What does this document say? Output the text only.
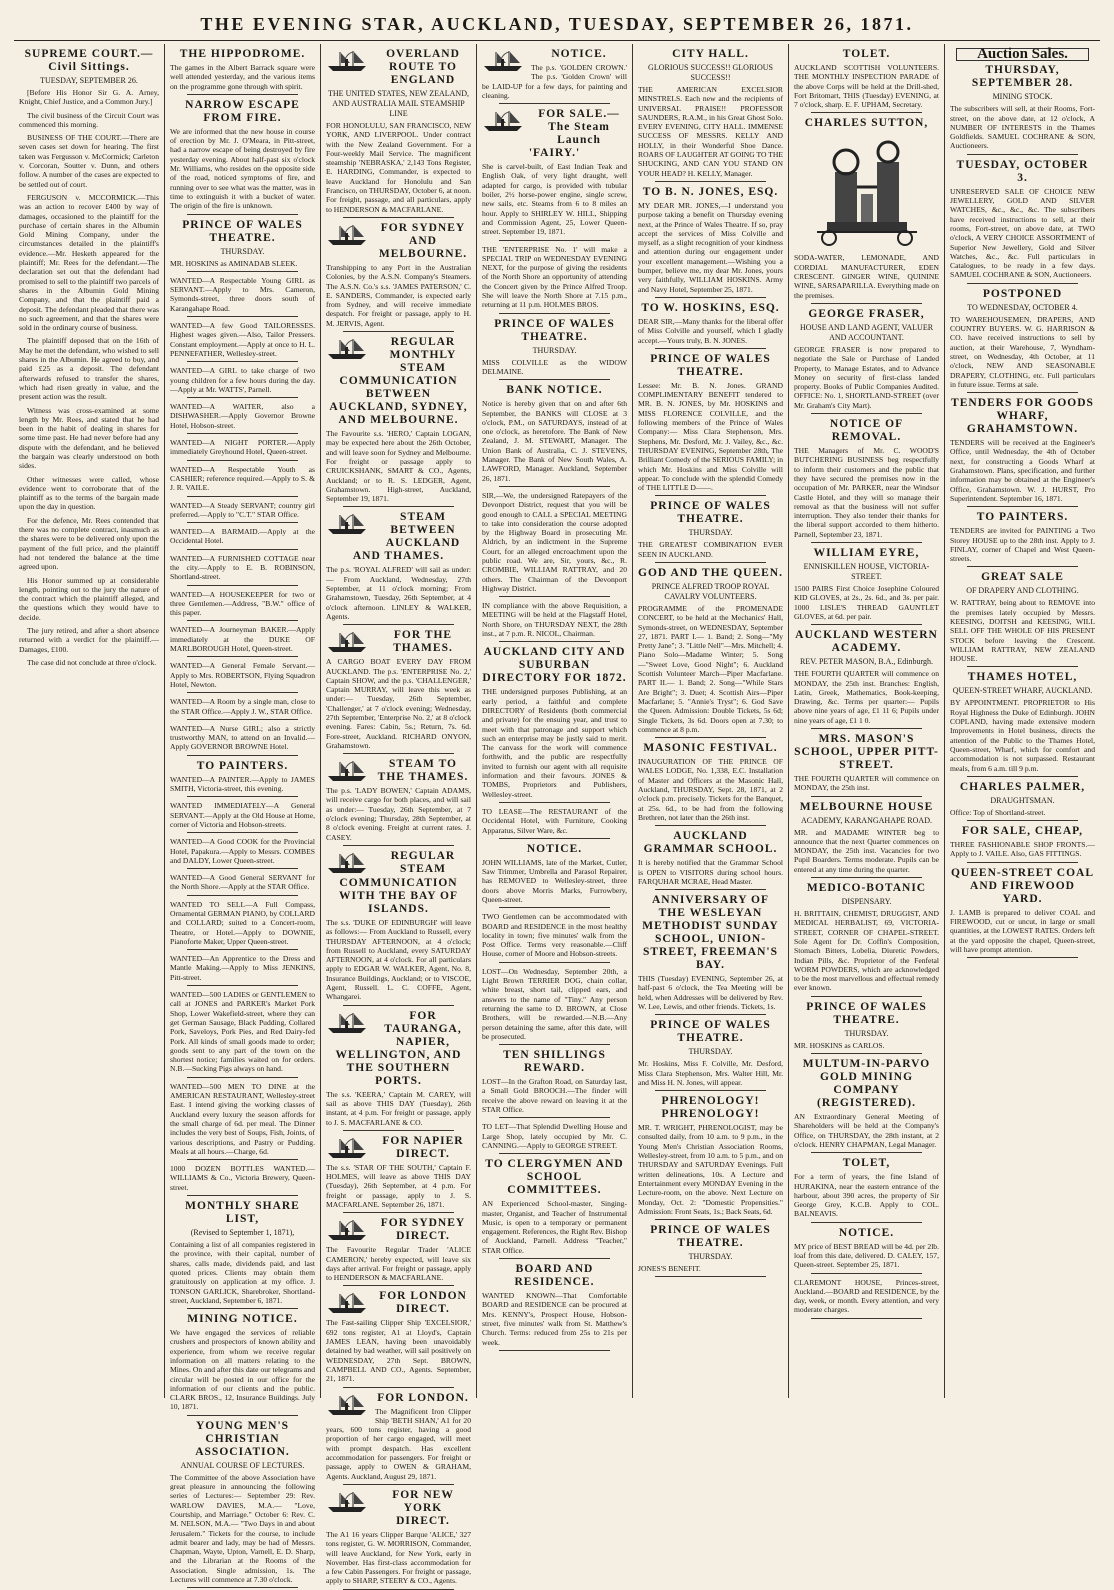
THE EVENING STAR, AUCKLAND, TUESDAY, SEPTEMBER 26, 1871.
SUPREME COURT.—Civil Sittings.
TUESDAY, SEPTEMBER 26.

[Before His Honor Sir G. A. Arney, Knight, Chief Justice, and a Common Jury.]

The civil business of the Circuit Court was commenced this morning.

BUSINESS OF THE COURT.—There are seven cases set down for hearing. The first taken was Fergusson v. McCormick; Carleton v. Corcoran, Soutter v. Dunn, and others follow. A number of the cases are expected to be settled out of court.

FERGUSON v. MCCORMICK.—This was an action to recover £400 by way of damages, occasioned to the plaintiff for the purchase of certain shares in the Albumin Gold Mining Company, under the circumstances detailed in the plaintiff's evidence.—Mr. Hesketh appeared for the plaintiff; Mr. Rees for the defendant.—The declaration set out that the defendant had promised to sell to the plaintiff two parcels of shares in the Albumin Gold Mining Company, and that the plaintiff paid a deposit. The defendant pleaded that there was no such agreement, and that the shares were sold in the ordinary course of business.

The plaintiff deposed that on the 16th of May he met the defendant, who wished to sell shares in the Albumin. He agreed to buy, and paid £25 as a deposit. The defendant afterwards refused to transfer the shares, which had risen greatly in value, and the present action was the result.

Witness was cross-examined at some length by Mr. Rees, and stated that he had been in the habit of dealing in shares for some time past. He had never before had any dispute with the defendant, and he believed the bargain was clearly understood on both sides.

Other witnesses were called, whose evidence went to corroborate that of the plaintiff as to the terms of the bargain made upon the day in question.

For the defence, Mr. Rees contended that there was no complete contract, inasmuch as the shares were to be delivered only upon the payment of the full price, and the plaintiff had not tendered the balance at the time agreed upon.

His Honor summed up at considerable length, pointing out to the jury the nature of the contract which the plaintiff alleged, and the questions which they would have to decide.

The jury retired, and after a short absence returned with a verdict for the plaintiff.—Damages, £100.

The case did not conclude at three o'clock.

THE HIPPODROME.
The games in the Albert Barrack square were well attended yesterday, and the various items on the programme gone through with spirit.
NARROW ESCAPE FROM FIRE.
We are informed that the new house in course of erection by Mr. J. O'Meara, in Pitt-street, had a narrow escape of being destroyed by fire yesterday evening. About half-past six o'clock Mr. Williams, who resides on the opposite side of the road, noticed symptoms of fire, and running over to see what was the matter, was in time to extinguish it with a bucket of water. The origin of the fire is unknown.
PRINCE OF WALES THEATRE.
THURSDAY.
MR. HOSKINS as AMINADAB SLEEK.
WANTED—A Respectable Young GIRL as SERVANT.—Apply to Mrs. Cameron, Symonds-street, three doors south of Karangahape Road.
WANTED—A few Good TAILORESSES. Highest wages given.—Also, Tailor Pressers. Constant employment.—Apply at once to H. L. PENNEFATHER, Wellesley-street.
WANTED—A GIRL to take charge of two young children for a few hours during the day.—Apply at Mr. WATTS', Parnell.
WANTED—A WAITER, also a DISHWASHER.—Apply Governor Browne Hotel, Hobson-street.
WANTED—A NIGHT PORTER.—Apply immediately Greyhound Hotel, Queen-street.
WANTED—A Respectable Youth as CASHIER; reference required.—Apply to S. & J. R. VAILE.
WANTED—A Steady SERVANT; country girl preferred.—Apply to "C.T." STAR Office.
WANTED—A BARMAID.—Apply at the Occidental Hotel.
WANTED—A FURNISHED COTTAGE near the city.—Apply to E. B. ROBINSON, Shortland-street.
WANTED—A HOUSEKEEPER for two or three Gentlemen.—Address, "B.W." office of this paper.
WANTED—A Journeyman BAKER.—Apply immediately at the DUKE OF MARLBOROUGH Hotel, Queen-street.
WANTED—A General Female Servant.—Apply to Mrs. ROBERTSON, Flying Squadron Hotel, Newton.
WANTED—A Room by a single man, close to the STAR Office.—Apply J. W., STAR Office.
WANTED—A Nurse GIRL; also a strictly trustworthy MAN, to attend on an Invalid.—Apply GOVERNOR BROWNE Hotel.
TO PAINTERS.
WANTED—A PAINTER.—Apply to JAMES SMITH, Victoria-street, this evening.
WANTED IMMEDIATELY—A General SERVANT.—Apply at the Old House at Home, corner of Victoria and Hobson-streets.
WANTED—A Good COOK for the Provincial Hotel, Papakura.—Apply to Messrs. COMBES and DALDY, Lower Queen-street.
WANTED—A Good General SERVANT for the North Shore.—Apply at the STAR Office.
WANTED TO SELL—A Full Compass, Ornamental GERMAN PIANO, by COLLARD and COLLARD; suited to a Concert-room, Theatre, or Hotel.—Apply to DOWNIE, Pianoforte Maker, Upper Queen-street.
WANTED—An Apprentice to the Dress and Mantle Making.—Apply to Miss JENKINS, Pitt-street.
WANTED—500 LADIES or GENTLEMEN to call at JONES and PARKER's Market Pork Shop, Lower Wakefield-street, where they can get German Sausage, Black Pudding, Collared Pork, Saveloys, Pork Pies, and Red Dairy-fed Pork. All kinds of small goods made to order; goods sent to any part of the town on the shortest notice; families waited on for orders. N.B.—Sucking Pigs always on hand.
WANTED—500 MEN TO DINE at the AMERICAN RESTAURANT, Wellesley-street East. I intend giving the working classes of Auckland every luxury the season affords for the small charge of 6d. per meal. The Dinner includes the very best of Soups, Fish, Joints, of various descriptions, and Pastry or Pudding. Meals at all hours.—Charge, 6d.
1000 DOZEN BOTTLES WANTED.—WILLIAMS & Co., Victoria Brewery, Queen-street.
MONTHLY SHARE LIST,
(Revised to September 1, 1871),
Containing a list of all companies registered in the province, with their capital, number of shares, calls made, dividends paid, and last quoted prices. Clients may obtain them gratuitously on application at my office. J. TONSON GARLICK, Sharebroker, Shortland-street, Auckland, September 6, 1871.
MINING NOTICE.
We have engaged the services of reliable crushers and prospectors of known ability and experience, from whom we receive regular information on all matters relating to the Mines. On and after this date our telegrams and circular will be posted in our office for the information of our clients and the public. CLARK BROS., 12, Insurance Buildings. July 10, 1871.
YOUNG MEN'S CHRISTIAN ASSOCIATION.
ANNUAL COURSE OF LECTURES.
The Committee of the above Association have great pleasure in announcing the following series of Lectures:— September 29: Rev. WARLOW DAVIES, M.A.— "Love, Courtship, and Marriage." October 6: Rev. C. M. NELSON, M.A.— "Two Days in and about Jerusalem." Tickets for the course, to include admit bearer and lady, may be had of Messrs. Chapman, Wayte, Upton, Varnell, E. D. Sharp, and the Librarian at the Rooms of the Association. Single admission, 1s. The Lectures will commence at 7.30 o'clock.
OVERLAND ROUTE TO ENGLAND
THE UNITED STATES, NEW ZEALAND, AND AUSTRALIA MAIL STEAMSHIP LINE
FOR HONOLULU, SAN FRANCISCO, NEW YORK, AND LIVERPOOL. Under contract with the New Zealand Government. For a Four-weekly Mail Service. The magnificent steamship 'NEBRASKA,' 2,143 Tons Register, E. HARDING, Commander, is expected to leave Auckland for Honolulu and San Francisco, on THURSDAY, October 6, at noon. For freight, passage, and all particulars, apply to HENDERSON & MACFARLANE.
FOR SYDNEY AND MELBOURNE.
Transhipping to any Port in the Australian Colonies, by the A.S.N. Company's Steamers. The A.S.N. Co.'s s.s. 'JAMES PATERSON,' C. E. SANDERS, Commander, is expected early from Sydney, and will receive immediate despatch. For freight or passage, apply to H. M. JERVIS, Agent.
REGULAR MONTHLY STEAM COMMUNICATION BETWEEN AUCKLAND, SYDNEY, AND MELBOURNE.
The Favourite s.s. 'HERO,' Captain LOGAN, may be expected here about the 26th October, and will leave soon for Sydney and Melbourne. For freight or passage apply to CRUICKSHANK, SMART & CO., Agents, Auckland; or to R. S. LEDGER, Agent, Grahamstown. High-street, Auckland, September 19, 1871.
STEAM BETWEEN AUCKLAND AND THAMES.
The p.s. 'ROYAL ALFRED' will sail as under:— From Auckland, Wednesday, 27th September, at 11 o'clock morning; From Grahamstown, Tuesday, 26th September, at 4 o'clock afternoon. LINLEY & WALKER, Agents.
FOR THE THAMES.
A CARGO BOAT EVERY DAY FROM AUCKLAND. The p.s. 'ENTERPRISE No. 2,' Captain SHOW, and the p.s. 'CHALLENGER,' Captain MURRAY, will leave this week as under:— Tuesday, 26th September, 'Challenger,' at 7 o'clock evening; Wednesday, 27th September, 'Enterprise No. 2,' at 8 o'clock evening. Fares: Cabin, 5s.; Return, 7s. 6d. Fore-street, Auckland. RICHARD ONYON, Grahamstown.
STEAM TO THE THAMES.
The p.s. 'LADY BOWEN,' Captain ADAMS, will receive cargo for both places, and will sail as under:— Tuesday, 26th September, at 7 o'clock evening; Thursday, 28th September, at 8 o'clock evening. Freight at current rates. J. CASEY.
REGULAR STEAM COMMUNICATION WITH THE BAY OF ISLANDS.
The s.s. 'DUKE OF EDINBURGH' will leave as follows:— From Auckland to Russell, every THURSDAY AFTERNOON, at 4 o'clock; from Russell to Auckland, every SATURDAY AFTERNOON, at 4 o'clock. For all particulars apply to EDGAR W. WALKER, Agent, No. 8, Insurance Buildings, Auckland; or to VISCOE, Agent, Russell. L. C. COFFE, Agent, Whangarei.
FOR TAURANGA, NAPIER, WELLINGTON, AND THE SOUTHERN PORTS.
The s.s. 'KEERA,' Captain M. CAREY, will sail as above THIS DAY (Tuesday), 26th instant, at 4 p.m. For freight or passage, apply to J. S. MACFARLANE & CO.
FOR NAPIER DIRECT.
The s.s. 'STAR OF THE SOUTH,' Captain F. HOLMES, will leave as above THIS DAY (Tuesday), 26th September, at 4 p.m. For freight or passage, apply to J. S. MACFARLANE. September 26, 1871.
FOR SYDNEY DIRECT.
The Favourite Regular Trader 'ALICE CAMERON,' hereby expected, will leave six days after arrival. For freight or passage, apply to HENDERSON & MACFARLANE.
FOR LONDON DIRECT.
The Fast-sailing Clipper Ship 'EXCELSIOR,' 692 tons register, A1 at Lloyd's, Captain JAMES LEAN, having been unavoidably detained by bad weather, will sail positively on WEDNESDAY, 27th Sept. BROWN, CAMPBELL AND CO., Agents. September, 21, 1871.
FOR LONDON.
The Magnificent Iron Clipper Ship 'BETH SHAN,' A1 for 20 years, 600 tons register, having a good proportion of her cargo engaged, will meet with prompt despatch. Has excellent accommodation for passengers. For freight or passage, apply to OWEN & GRAHAM, Agents. Auckland, August 29, 1871.
FOR NEW YORK DIRECT.
The A1 16 years Clipper Barque 'ALICE,' 327 tons register, G. W. MORRISON, Commander, will leave Auckland, for New York, early in November. Has first-class accommodation for a few Cabin Passengers. For freight or passage, apply to SHARP, STEERY & CO., Agents.
NOTICE.
The p.s. 'GOLDEN CROWN.' The p.s. 'Golden Crown' will be LAID-UP for a few days, for painting and cleaning.
FOR SALE.—The Steam Launch 'FAIRY.'
She is carvel-built, of East Indian Teak and English Oak, of very light draught, well adapted for cargo, is provided with tubular boiler, 2½ horse-power engine, single screw, new sails, etc. Steams from 6 to 8 miles an hour. Apply to SHIRLEY W. HILL, Shipping and Commission Agent, 25, Lower Queen-street. September 19, 1871.
THE 'ENTERPRISE No. 1' will make a SPECIAL TRIP on WEDNESDAY EVENING NEXT, for the purpose of giving the residents of the North Shore an opportunity of attending the Concert given by the Prince Alfred Troop. She will leave the North Shore at 7.15 p.m., returning at 11 p.m. HOLMES BROS.
PRINCE OF WALES THEATRE.
THURSDAY.
MISS COLVILLE as the WIDOW DELMAINE.
BANK NOTICE.
Notice is hereby given that on and after 6th September, the BANKS will CLOSE at 3 o'clock, P.M., on SATURDAYS, instead of at one o'clock, as heretofore. The Bank of New Zealand, J. M. STEWART, Manager. The Union Bank of Australia, C. J. STEVENS, Manager. The Bank of New South Wales, A. LAWFORD, Manager. Auckland, September 26, 1871.
SIR,—We, the undersigned Ratepayers of the Devonport District, request that you will be good enough to CALL a SPECIAL MEETING to take into consideration the course adopted by the Highway Board in prosecuting Mr. Aldrich, by an indictment in the Supreme Court, for an alleged encroachment upon the public road. We are, Sir, yours, &c., R. CROMBIE, WILLIAM RATTRAY, and 20 others. The Chairman of the Devonport Highway District.
IN compliance with the above Requisition, a MEETING will be held at the Flagstaff Hotel, North Shore, on THURSDAY NEXT, the 28th inst., at 7 p.m. R. NICOL, Chairman.
AUCKLAND CITY AND SUBURBAN DIRECTORY FOR 1872.
THE undersigned purposes Publishing, at an early period, a faithful and complete DIRECTORY of Residents (both commercial and private) for the ensuing year, and trust to meet with that patronage and support which such an enterprise may be justly said to merit. The canvass for the work will commence forthwith, and the public are respectfully invited to furnish our agent with all requisite information and their favours. JONES & TOMBS, Proprietors and Publishers, Wellesley-street.
TO LEASE—The RESTAURANT of the Occidental Hotel, with Furniture, Cooking Apparatus, Silver Ware, &c.
NOTICE.
JOHN WILLIAMS, late of the Market, Cutler, Saw Trimmer, Umbrella and Parasol Repairer, has REMOVED to Wellesley-street, three doors above Morris Marks, Furrowbery, Queen-street.
TWO Gentlemen can be accommodated with BOARD and RESIDENCE in the most healthy locality in town; five minutes' walk from the Post Office. Terms very reasonable.—Cliff House, corner of Moore and Hobson-streets.
LOST—On Wednesday, September 20th, a Light Brown TERRIER DOG, chain collar, white breast, short tail, clipped ears, and answers to the name of "Tiny." Any person returning the same to D. BROWN, at Close Brothers, will be rewarded.—N.B.—Any person detaining the same, after this date, will be prosecuted.
TEN SHILLINGS REWARD.
LOST—In the Grafton Road, on Saturday last, a Small Gold BROOCH.—The finder will receive the above reward on leaving it at the STAR Office.
TO LET—That Splendid Dwelling House and Large Shop, lately occupied by Mr. C. CANNING.—Apply to GEORGE STREET.
TO CLERGYMEN AND SCHOOL COMMITTEES.
AN Experienced School-master, Singing-master, Organist, and Teacher of Instrumental Music, is open to a temporary or permanent engagement. References, the Right Rev. Bishop of Auckland, Parnell. Address "Teacher," STAR Office.
BOARD AND RESIDENCE.
WANTED KNOWN—That Comfortable BOARD and RESIDENCE can be procured at Mrs. KENNY's, Prospect House, Hobson-street, five minutes' walk from St. Matthew's Church. Terms: reduced from 25s to 21s per week.
CITY HALL.
GLORIOUS SUCCESS!! GLORIOUS SUCCESS!!
THE AMERICAN EXCELSIOR MINSTRELS. Each new and the recipients of UNIVERSAL PRAISE!! PROFESSOR SAUNDERS, R.A.M., in his Great Ghost Solo. EVERY EVENING, CITY HALL. IMMENSE SUCCESS OF MESSRS. KELLY AND HOLLY, in their Wonderful Shoe Dance. ROARS OF LAUGHTER AT GOING TO THE SHUCKING, AND CAN YOU STAND ON YOUR HEAD? H. KELLY, Manager.
TO B. N. JONES, ESQ.
MY DEAR MR. JONES,—I understand you purpose taking a benefit on Thursday evening next, at the Prince of Wales Theatre. If so, pray accept the services of Miss Colville and myself, as a slight recognition of your kindness and attention during our engagement under your excellent management.—Wishing you a bumper, believe me, my dear Mr. Jones, yours very faithfully, WILLIAM HOSKINS. Army and Navy Hotel, September 25, 1871.
TO W. HOSKINS, ESQ.
DEAR SIR,—Many thanks for the liberal offer of Miss Colville and yourself, which I gladly accept.—Yours truly, B. N. JONES.
PRINCE OF WALES THEATRE.
Lessee: Mr. B. N. Jones. GRAND COMPLIMENTARY BENEFIT tendered to MR. B. N. JONES, by Mr. HOSKINS and MISS FLORENCE COLVILLE, and the following members of the Prince of Wales Company:— Miss Clara Stephenson, Mrs. Stephens, Mr. Desford, Mr. J. Vailey, &c., &c. THURSDAY EVENING, September 28th, The Brilliant Comedy of the SERIOUS FAMILY; in which Mr. Hoskins and Miss Colville will appear. To conclude with the splendid Comedy of THE LITTLE D——.
PRINCE OF WALES THEATRE.
THURSDAY.
THE GREATEST COMBINATION EVER SEEN IN AUCKLAND.
GOD AND THE QUEEN.
PRINCE ALFRED TROOP ROYAL CAVALRY VOLUNTEERS.
PROGRAMME of the PROMENADE CONCERT, to be held at the Mechanics' Hall, Symonds-street, on WEDNESDAY, September 27, 1871. PART I.— 1. Band; 2. Song—"My Pretty Jane"; 3. "Little Nell"—Mrs. Mitchell; 4. Piano Solo—Madame Winter; 5. Song—"Sweet Love, Good Night"; 6. Auckland Scottish Volunteer March—Piper Macfarlane. PART II.— 1. Band; 2. Song—"While Stars Are Bright"; 3. Duet; 4. Scottish Airs—Piper Macfarlane; 5. "Annie's Tryst"; 6. God Save the Queen. Admission: Double Tickets, 5s 6d; Single Tickets, 3s 6d. Doors open at 7.30; to commence at 8 p.m.
MASONIC FESTIVAL.
INAUGURATION OF THE PRINCE OF WALES LODGE, No. 1,338, E.C. Installation of Master and Officers at the Masonic Hall, Auckland, THURSDAY, Sept. 28, 1871, at 2 o'clock p.m. precisely. Tickets for the Banquet, at 25s. 6d., to be had from the following Brethren, not later than the 26th inst.
AUCKLAND GRAMMAR SCHOOL.
It is hereby notified that the Grammar School is OPEN to VISITORS during school hours. FARQUHAR MCRAE, Head Master.
ANNIVERSARY OF THE WESLEYAN METHODIST SUNDAY SCHOOL, UNION-STREET, FREEMAN'S BAY.
THIS (Tuesday) EVENING, September 26, at half-past 6 o'clock, the Tea Meeting will be held, when Addresses will be delivered by Rev. W. Lee, Lewis, and other friends. Tickets, 1s.
PRINCE OF WALES THEATRE.
THURSDAY.
Mr. Hoskins, Miss F. Colville, Mr. Desford, Miss Clara Stephenson, Mrs. Walter Hill, Mr. and Miss H. N. Jones, will appear.
PHRENOLOGY! PHRENOLOGY!
MR. T. WRIGHT, PHRENOLOGIST, may be consulted daily, from 10 a.m. to 9 p.m., in the Young Men's Christian Association Rooms, Wellesley-street, from 10 a.m. to 5 p.m., and on THURSDAY and SATURDAY Evenings. Full written delineations, 10s. A Lecture and Entertainment every MONDAY Evening in the Lecture-room, on the above. Next Lecture on Monday, Oct. 2: "Domestic Propensities." Admission: Front Seats, 1s.; Back Seats, 6d.
PRINCE OF WALES THEATRE.
THURSDAY.
JONES'S BENEFIT.
TOLET.
AUCKLAND SCOTTISH VOLUNTEERS. THE MONTHLY INSPECTION PARADE of the above Corps will be held at the Drill-shed, Fort Britomart, THIS (Tuesday) EVENING, at 7 o'clock, sharp. E. F. UPHAM, Secretary.
CHARLES SUTTON,
SODA-WATER, LEMONADE, AND CORDIAL MANUFACTURER, EDEN CRESCENT. GINGER WINE, QUININE WINE, SARSAPARILLA. Everything made on the premises.
GEORGE FRASER,
HOUSE AND LAND AGENT, VALUER AND ACCOUNTANT.
GEORGE FRASER is now prepared to negotiate the Sale or Purchase of Landed Property, to Manage Estates, and to Advance Money on security of first-class landed property. Books of Public Companies Audited. OFFICE: No. 1, SHORTLAND-STREET (over Mr. Graham's City Mart).
NOTICE OF REMOVAL.
THE Managers of Mr. C. WOOD'S BUTCHERING BUSINESS beg respectfully to inform their customers and the public that they have secured the premises now in the occupation of Mr. PARKER, near the Windsor Castle Hotel, and they will so manage their removal as that the business will not suffer interruption. They also tender their thanks for the liberal support accorded to them hitherto. Parnell, September 23, 1871.
WILLIAM EYRE,
ENNISKILLEN HOUSE, VICTORIA-STREET.
1500 PAIRS First Choice Josephine Coloured KID GLOVES, at 2s., 2s. 6d., and 3s. per pair. 1000 LISLE'S THREAD GAUNTLET GLOVES, at 6d. per pair.
AUCKLAND WESTERN ACADEMY.
REV. PETER MASON, B.A., Edinburgh.
THE FOURTH QUARTER will commence on MONDAY, the 25th inst. Branches: English, Latin, Greek, Mathematics, Book-keeping, Drawing, &c. Terms per quarter:— Pupils above nine years of age, £1 11 6; Pupils under nine years of age, £1 1 0.
MRS. MASON'S SCHOOL, UPPER PITT-STREET.
THE FOURTH QUARTER will commence on MONDAY, the 25th inst.
MELBOURNE HOUSE
ACADEMY, KARANGAHAPE ROAD.
MR. and MADAME WINTER beg to announce that the next Quarter commences on MONDAY, the 25th inst. Vacancies for two Pupil Boarders. Terms moderate. Pupils can be entered at any time during the quarter.
MEDICO-BOTANIC
DISPENSARY.
H. BRITTAIN, CHEMIST, DRUGGIST, AND MEDICAL HERBALIST, 69, VICTORIA-STREET, CORNER OF CHAPEL-STREET. Sole Agent for Dr. Coffin's Composition, Stomach Bitters, Lobelia, Diuretic Powders, Indian Pills, &c. Proprietor of the Fenfetal WORM POWDERS, which are acknowledged to be the most marvellous and effectual remedy ever known.
PRINCE OF WALES THEATRE.
THURSDAY.
MR. HOSKINS as CARLOS.
MULTUM-IN-PARVO GOLD MINING COMPANY (REGISTERED).
AN Extraordinary General Meeting of Shareholders will be held at the Company's Office, on THURSDAY, the 28th instant, at 2 o'clock. HENRY CHAPMAN, Legal Manager.
TOLET,
For a term of years, the fine Island of HURAKINA, near the eastern entrance of the harbour, about 390 acres, the property of Sir George Grey, K.C.B. Apply to COL. BALNEAVIS.
NOTICE.
MY price of BEST BREAD will be 4d. per 2lb. loaf from this date, delivered. D. CALEY, 157, Queen-street. September 25, 1871.
CLAREMONT HOUSE, Princes-street, Auckland.—BOARD and RESIDENCE, by the day, week, or month. Every attention, and very moderate charges.
Auction Sales.
THURSDAY, SEPTEMBER 28.
MINING STOCK.
The subscribers will sell, at their Rooms, Fort-street, on the above date, at 12 o'clock, A NUMBER OF INTERESTS in the Thames Goldfields. SAMUEL COCHRANE & SON, Auctioneers.
TUESDAY, OCTOBER 3.
UNRESERVED SALE OF CHOICE NEW JEWELLERY, GOLD AND SILVER WATCHES, &c., &c., &c. The subscribers have received instructions to sell, at their rooms, Fort-street, on above date, at TWO o'clock, A VERY CHOICE ASSORTMENT of Superior New Jewellery, Gold and Silver Watches, &c., &c. Full particulars in Catalogues, to be ready in a few days. SAMUEL COCHRANE & SON, Auctioneers.
POSTPONED
TO WEDNESDAY, OCTOBER 4.
TO WAREHOUSEMEN, DRAPERS, AND COUNTRY BUYERS. W. G. HARRISON & CO. have received instructions to sell by auction, at their Warehouse, 7, Wyndham-street, on Wednesday, 4th October, at 11 o'clock, NEW AND SEASONABLE DRAPERY, CLOTHING, etc. Full particulars in future issue. Terms at sale.
TENDERS FOR GOODS WHARF, GRAHAMSTOWN.
TENDERS will be received at the Engineer's Office, until Wednesday, the 4th of October next, for constructing a Goods Wharf at Grahamstown. Plans, specification, and further information may be obtained at the Engineer's Office, Grahamstown. W. J. HURST, Pro Superintendent. September 16, 1871.
TO PAINTERS.
TENDERS are invited for PAINTING a Two Storey HOUSE up to the 28th inst. Apply to J. FINLAY, corner of Chapel and West Queen-streets.
GREAT SALE
OF DRAPERY AND CLOTHING.
W. RATTRAY, being about to REMOVE into the premises lately occupied by Messrs. KEESING, DOITSH and KEESING, WILL SELL OFF THE WHOLE OF HIS PRESENT STOCK before leaving the Crescent. WILLIAM RATTRAY, NEW ZEALAND HOUSE.
THAMES HOTEL,
QUEEN-STREET WHARF, AUCKLAND.
BY APPOINTMENT. PROPRIETOR to His Royal Highness the Duke of Edinburgh. JOHN COPLAND, having made extensive modern Improvements in Hotel business, directs the attention of the Public to the Thames Hotel, Queen-street, Wharf, which for comfort and accommodation is not surpassed. Restaurant meals, from 6 a.m. till 9 p.m.
CHARLES PALMER,
DRAUGHTSMAN.
Office: Top of Shortland-street.
FOR SALE, CHEAP,
THREE FASHIONABLE SHOP FRONTS.—Apply to J. VAILE. Also, GAS FITTINGS.
QUEEN-STREET COAL AND FIREWOOD YARD.
J. LAMB is prepared to deliver COAL and FIREWOOD, cut or uncut, in large or small quantities, at the LOWEST RATES. Orders left at the yard opposite the chapel, Queen-street, will have prompt attention.
